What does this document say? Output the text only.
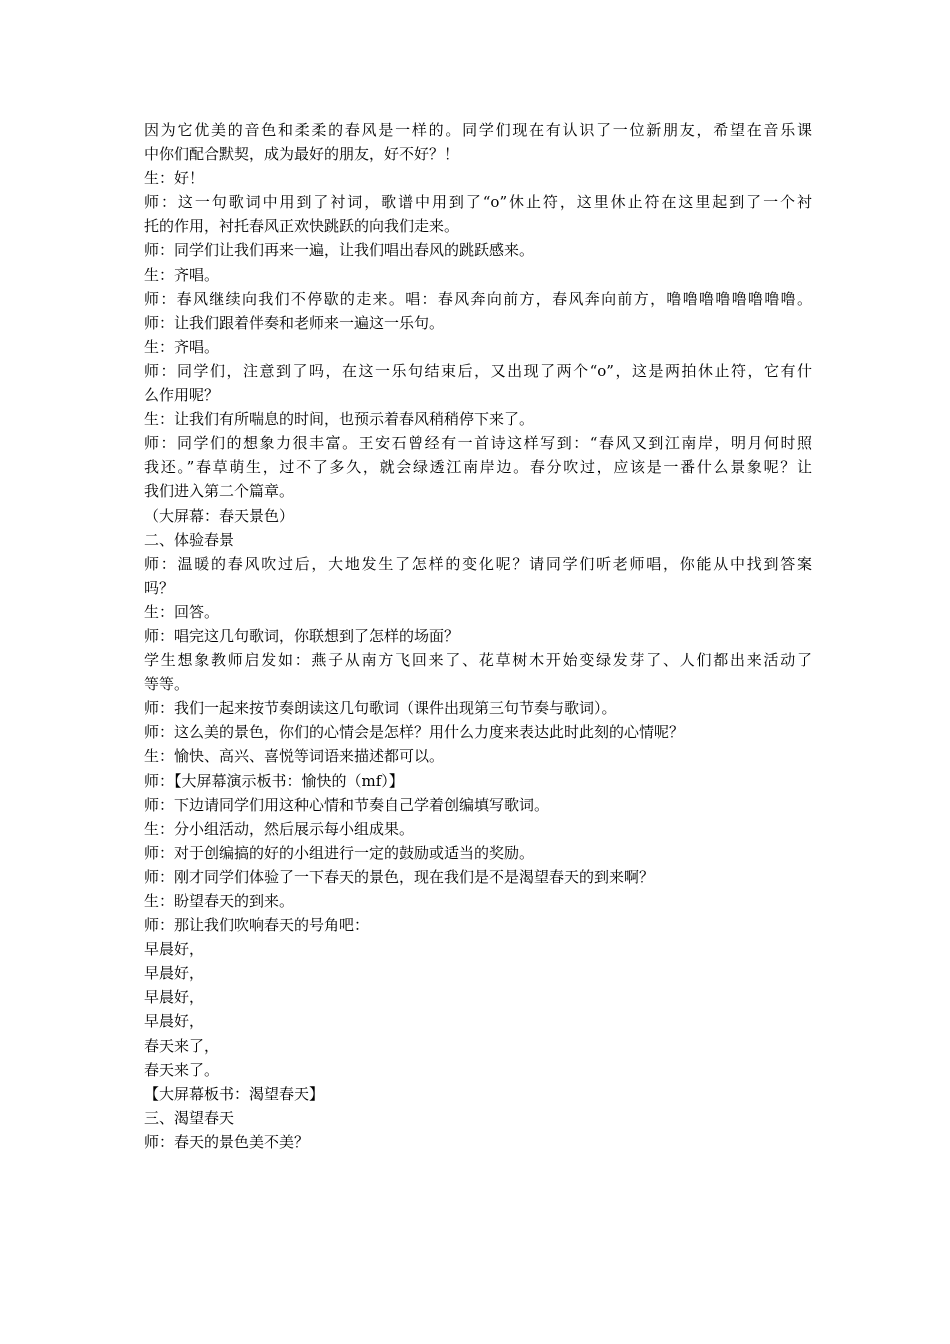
因为它优美的音色和柔柔的春风是一样的。同学们现在有认识了一位新朋友，希望在音乐课
中你们配合默契，成为最好的朋友，好不好？！
生：好！
师：这一句歌词中用到了衬词，歌谱中用到了“o”休止符，这里休止符在这里起到了一个衬
托的作用，衬托春风正欢快跳跃的向我们走来。
师：同学们让我们再来一遍，让我们唱出春风的跳跃感来。
生：齐唱。
师：春风继续向我们不停歇的走来。唱：春风奔向前方，春风奔向前方，噜噜噜噜噜噜噜噜。
师：让我们跟着伴奏和老师来一遍这一乐句。
生：齐唱。
师：同学们，注意到了吗，在这一乐句结束后，又出现了两个“o”，这是两拍休止符，它有什
么作用呢？
生：让我们有所喘息的时间，也预示着春风稍稍停下来了。
师：同学们的想象力很丰富。王安石曾经有一首诗这样写到：“春风又到江南岸，明月何时照
我还。”春草萌生，过不了多久，就会绿透江南岸边。春分吹过，应该是一番什么景象呢？让
我们进入第二个篇章。
（大屏幕：春天景色）
二、体验春景
师：温暖的春风吹过后，大地发生了怎样的变化呢？请同学们听老师唱，你能从中找到答案
吗？
生：回答。
师：唱完这几句歌词，你联想到了怎样的场面？
学生想象教师启发如：燕子从南方飞回来了、花草树木开始变绿发芽了、人们都出来活动了
等等。
师：我们一起来按节奏朗读这几句歌词（课件出现第三句节奏与歌词）。
师：这么美的景色，你们的心情会是怎样？用什么力度来表达此时此刻的心情呢？
生：愉快、高兴、喜悦等词语来描述都可以。
师：【大屏幕演示板书：愉快的（mf）】
师：下边请同学们用这种心情和节奏自己学着创编填写歌词。
生：分小组活动，然后展示每小组成果。
师：对于创编搞的好的小组进行一定的鼓励或适当的奖励。
师：刚才同学们体验了一下春天的景色，现在我们是不是渴望春天的到来啊？
生：盼望春天的到来。
师：那让我们吹响春天的号角吧：
早晨好，
早晨好，
早晨好，
早晨好，
春天来了，
春天来了。
【大屏幕板书：渴望春天】
三、渴望春天
师：春天的景色美不美？
